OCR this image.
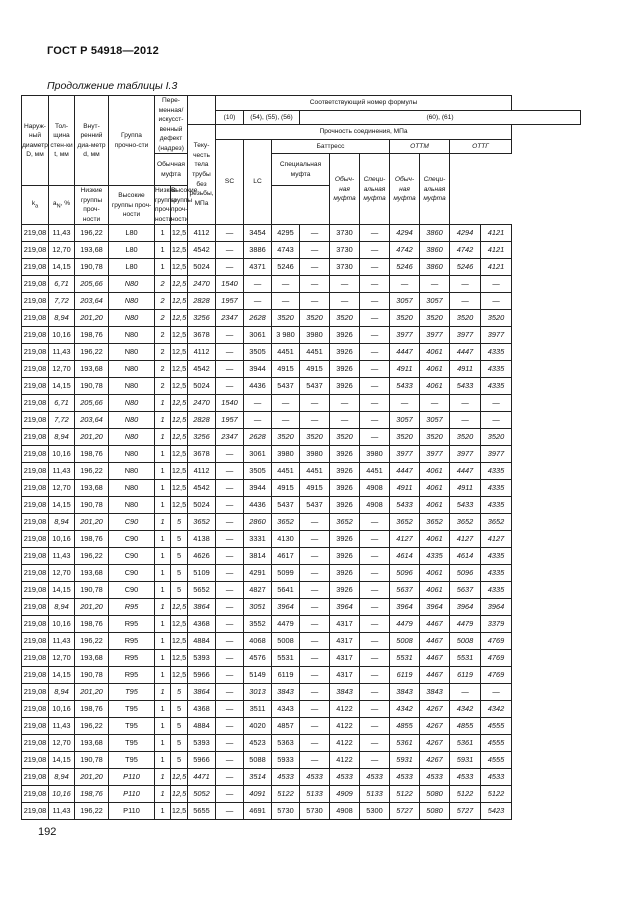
ГОСТ Р 54918—2012
Продолжение таблицы I.3
Наруж-ный диаметр D, мм	Тол-щина стен-ки t, мм	Внут-ренний диа-метр d, мм	Группа прочно-сти	Пере-менная/ искусст-венный дефект (надрез)			Соответствующий номер формулы									
							(10)	(54), (55), (56)		(60), (61)						
						Теку-честь тела трубы без резьбы, МПа	Прочность соединения, МПа									
							SC	LC	Баттресс				ОТТМ		ОТТГ	
				Обычная муфта					Специальная муфта		Обыч-ная муфта	Специ-альная муфта	Обыч-ная муфта	Специ-альная муфта		
$k_a$	$a_N$, %	Низкие группы проч-ности	Высокие группы проч-ности	Низкие группы проч-ности	Высокие группы проч-ности											
219,08	11,43	196,22	L80	1	12,5	4112	—	3454	4295	—	3730	—	4294	3860	4294	4121
219,08	12,70	193,68	L80	1	12,5	4542	—	3886	4743	—	3730	—	4742	3860	4742	4121
219,08	14,15	190,78	L80	1	12,5	5024	—	4371	5246	—	3730	—	5246	3860	5246	4121
219,08	6,71	205,66	N80	2	12,5	2470	1540	—	—	—	—	—	—	—	—	—
219,08	7,72	203,64	N80	2	12,5	2828	1957	—	—	—	—	—	3057	3057	—	—
219,08	8,94	201,20	N80	2	12,5	3256	2347	2628	3520	3520	3520	—	3520	3520	3520	3520
219,08	10,16	198,76	N80	2	12,5	3678	—	3061	3 980	3980	3926	—	3977	3977	3977	3977
219,08	11,43	196,22	N80	2	12,5	4112	—	3505	4451	4451	3926	—	4447	4061	4447	4335
219,08	12,70	193,68	N80	2	12,5	4542	—	3944	4915	4915	3926	—	4911	4061	4911	4335
219,08	14,15	190,78	N80	2	12,5	5024	—	4436	5437	5437	3926	—	5433	4061	5433	4335
219,08	6,71	205,66	N80	1	12,5	2470	1540	—	—	—	—	—	—	—	—	—
219,08	7,72	203,64	N80	1	12,5	2828	1957	—	—	—	—	—	3057	3057	—	—
219,08	8,94	201,20	N80	1	12,5	3256	2347	2628	3520	3520	3520	—	3520	3520	3520	3520
219,08	10,16	198,76	N80	1	12,5	3678	—	3061	3980	3980	3926	3980	3977	3977	3977	3977
219,08	11,43	196,22	N80	1	12,5	4112	—	3505	4451	4451	3926	4451	4447	4061	4447	4335
219,08	12,70	193,68	N80	1	12,5	4542	—	3944	4915	4915	3926	4908	4911	4061	4911	4335
219,08	14,15	190,78	N80	1	12,5	5024	—	4436	5437	5437	3926	4908	5433	4061	5433	4335
219,08	8,94	201,20	C90	1	5	3652	—	2860	3652	—	3652	—	3652	3652	3652	3652
219,08	10,16	198,76	C90	1	5	4138	—	3331	4130	—	3926	—	4127	4061	4127	4127
219,08	11,43	196,22	C90	1	5	4626	—	3814	4617	—	3926	—	4614	4335	4614	4335
219,08	12,70	193,68	C90	1	5	5109	—	4291	5099	—	3926	—	5096	4061	5096	4335
219,08	14,15	190,78	C90	1	5	5652	—	4827	5641	—	3926	—	5637	4061	5637	4335
219,08	8,94	201,20	R95	1	12,5	3864	—	3051	3964	—	3964	—	3964	3964	3964	3964
219,08	10,16	198,76	R95	1	12,5	4368	—	3552	4479	—	4317	—	4479	4467	4479	3379
219,08	11,43	196,22	R95	1	12,5	4884	—	4068	5008	—	4317	—	5008	4467	5008	4769
219,08	12,70	193,68	R95	1	12,5	5393	—	4576	5531	—	4317	—	5531	4467	5531	4769
219,08	14,15	190,78	R95	1	12,5	5966	—	5149	6119	—	4317	—	6119	4467	6119	4769
219,08	8,94	201,20	T95	1	5	3864	—	3013	3843	—	3843	—	3843	3843	—	—
219,08	10,16	198,76	T95	1	5	4368	—	3511	4343	—	4122	—	4342	4267	4342	4342
219,08	11,43	196,22	T95	1	5	4884	—	4020	4857	—	4122	—	4855	4267	4855	4555
219,08	12,70	193,68	T95	1	5	5393	—	4523	5363	—	4122	—	5361	4267	5361	4555
219,08	14,15	190,78	T95	1	5	5966	—	5088	5933	—	4122	—	5931	4267	5931	4555
219,08	8,94	201,20	P110	1	12,5	4471	—	3514	4533	4533	4533	4533	4533	4533	4533	4533
219,08	10,16	198,76	P110	1	12,5	5052	—	4091	5122	5133	4909	5133	5122	5080	5122	5122
219,08	11,43	196,22	P110	1	12,5	5655	—	4691	5730	5730	4908	5300	5727	5080	5727	5423
192
